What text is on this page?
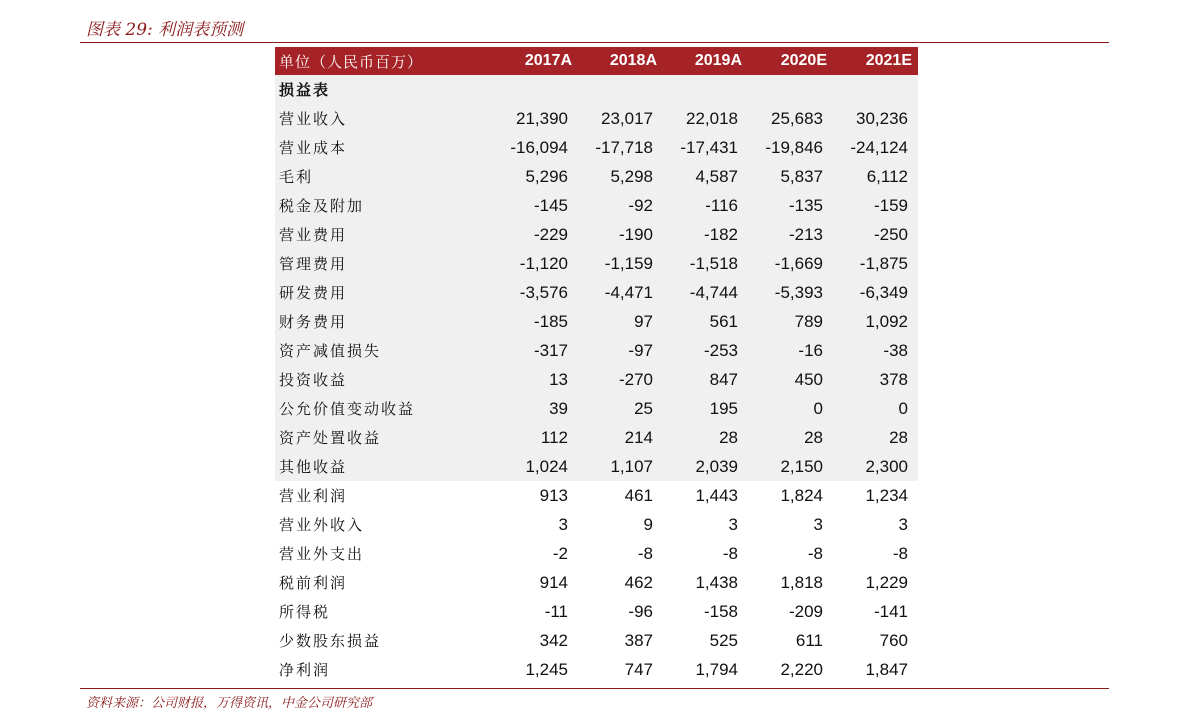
图表 29: 利润表预测
单位（人民币百万）	2017A	2018A	2019A	2020E	2021E
损益表					
营业收入	21,390	23,017	22,018	25,683	30,236
营业成本	-16,094	-17,718	-17,431	-19,846	-24,124
毛利	5,296	5,298	4,587	5,837	6,112
税金及附加	-145	-92	-116	-135	-159
营业费用	-229	-190	-182	-213	-250
管理费用	-1,120	-1,159	-1,518	-1,669	-1,875
研发费用	-3,576	-4,471	-4,744	-5,393	-6,349
财务费用	-185	97	561	789	1,092
资产减值损失	-317	-97	-253	-16	-38
投资收益	13	-270	847	450	378
公允价值变动收益	39	25	195	0	0
资产处置收益	112	214	28	28	28
其他收益	1,024	1,107	2,039	2,150	2,300
营业利润	913	461	1,443	1,824	1,234
营业外收入	3	9	3	3	3
营业外支出	-2	-8	-8	-8	-8
税前利润	914	462	1,438	1,818	1,229
所得税	-11	-96	-158	-209	-141
少数股东损益	342	387	525	611	760
净利润	1,245	747	1,794	2,220	1,847
资料来源：公司财报，万得资讯，中金公司研究部
